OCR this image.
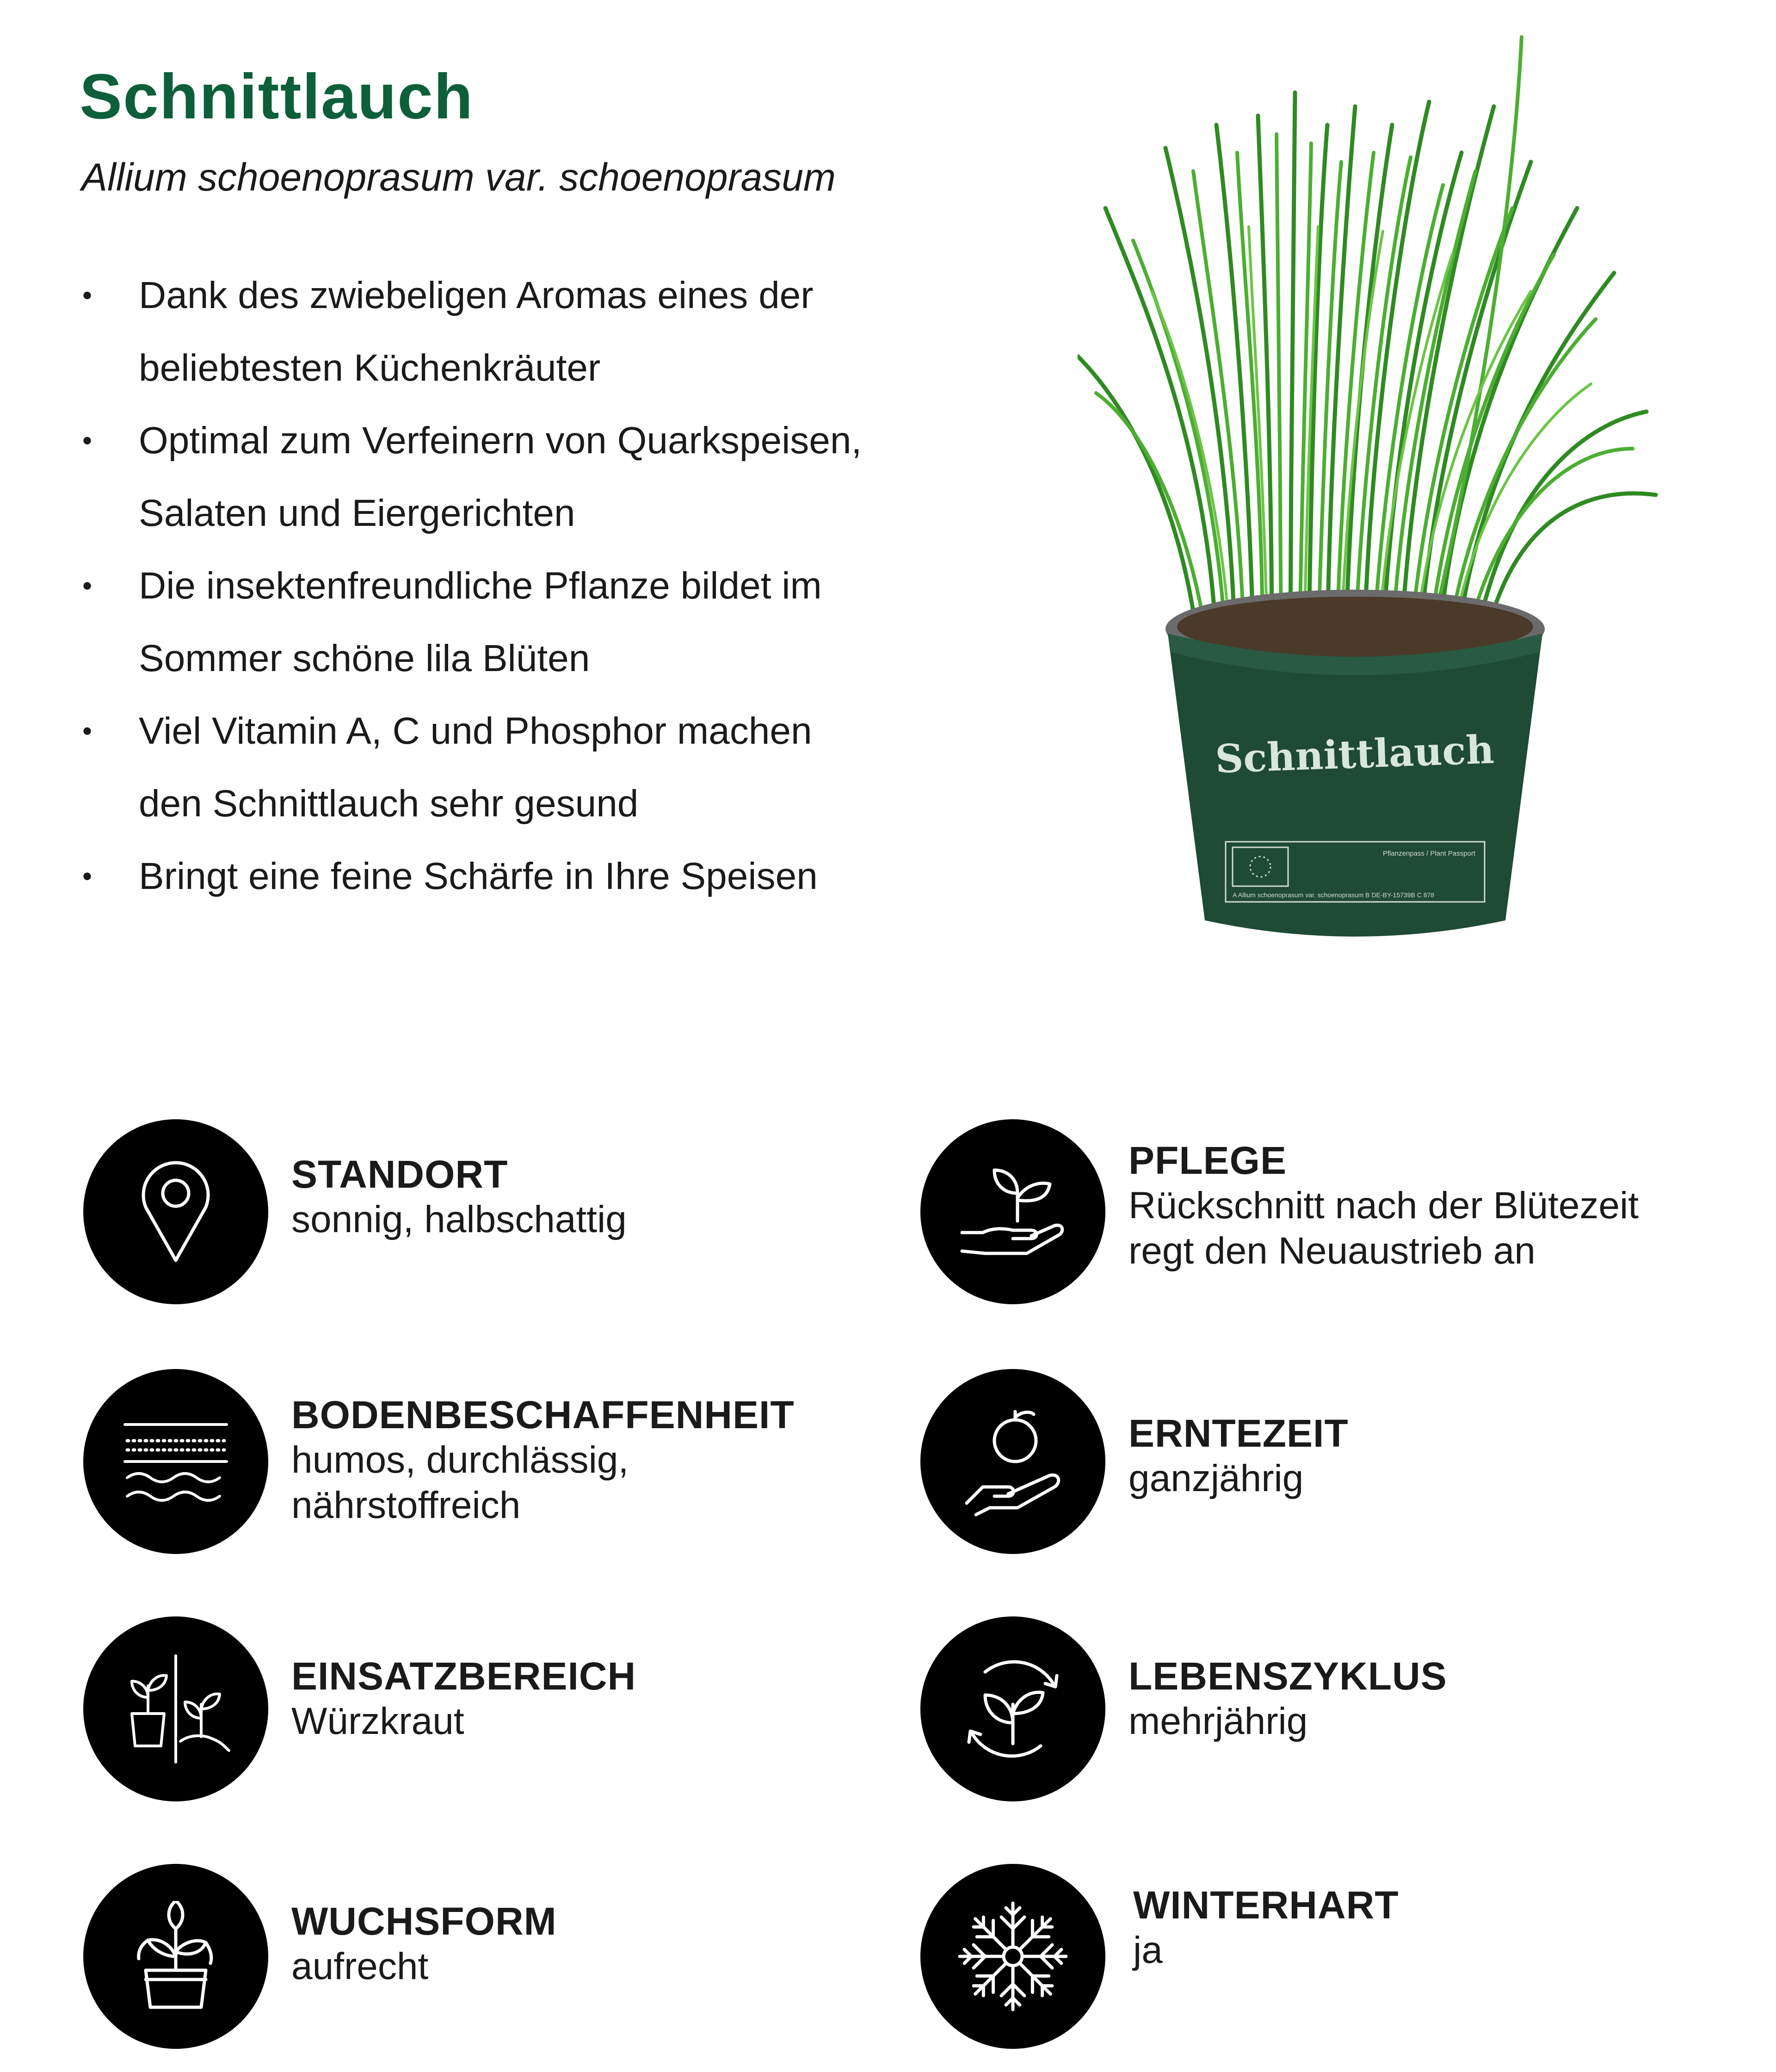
Schnittlauch

Allium schoenoprasum var. schoenoprasum

• Dank des zwiebeligen Aromas eines der
beliebtesten Küchenkräuter
• Optimal zum Verfeinern von Quarkspeisen,
Salaten und Eiergerichten
• Die insektenfreundliche Pflanze bildet im
Sommer schöne lila Blüten
• Viel Vitamin A, C und Phosphor machen
den Schnittlauch sehr gesund
• Bringt eine feine Schärfe in Ihre Speisen
Schnittlauch
Pflanzenpass / Plant Passport
A Allium schoenoprasum var. schoenoprasum B DE-BY-15739B C 878
STANDORT
sonnig, halbschattig
PFLEGE
Rückschnitt nach der Blütezeit
regt den Neuaustrieb an
BODENBESCHAFFENHEIT
humos, durchlässig,
nährstoffreich
ERNTEZEIT
ganzjährig
EINSATZBEREICH
Würzkraut
LEBENSZYKLUS
mehrjährig
WUCHSFORM
aufrecht
WINTERHART
ja
